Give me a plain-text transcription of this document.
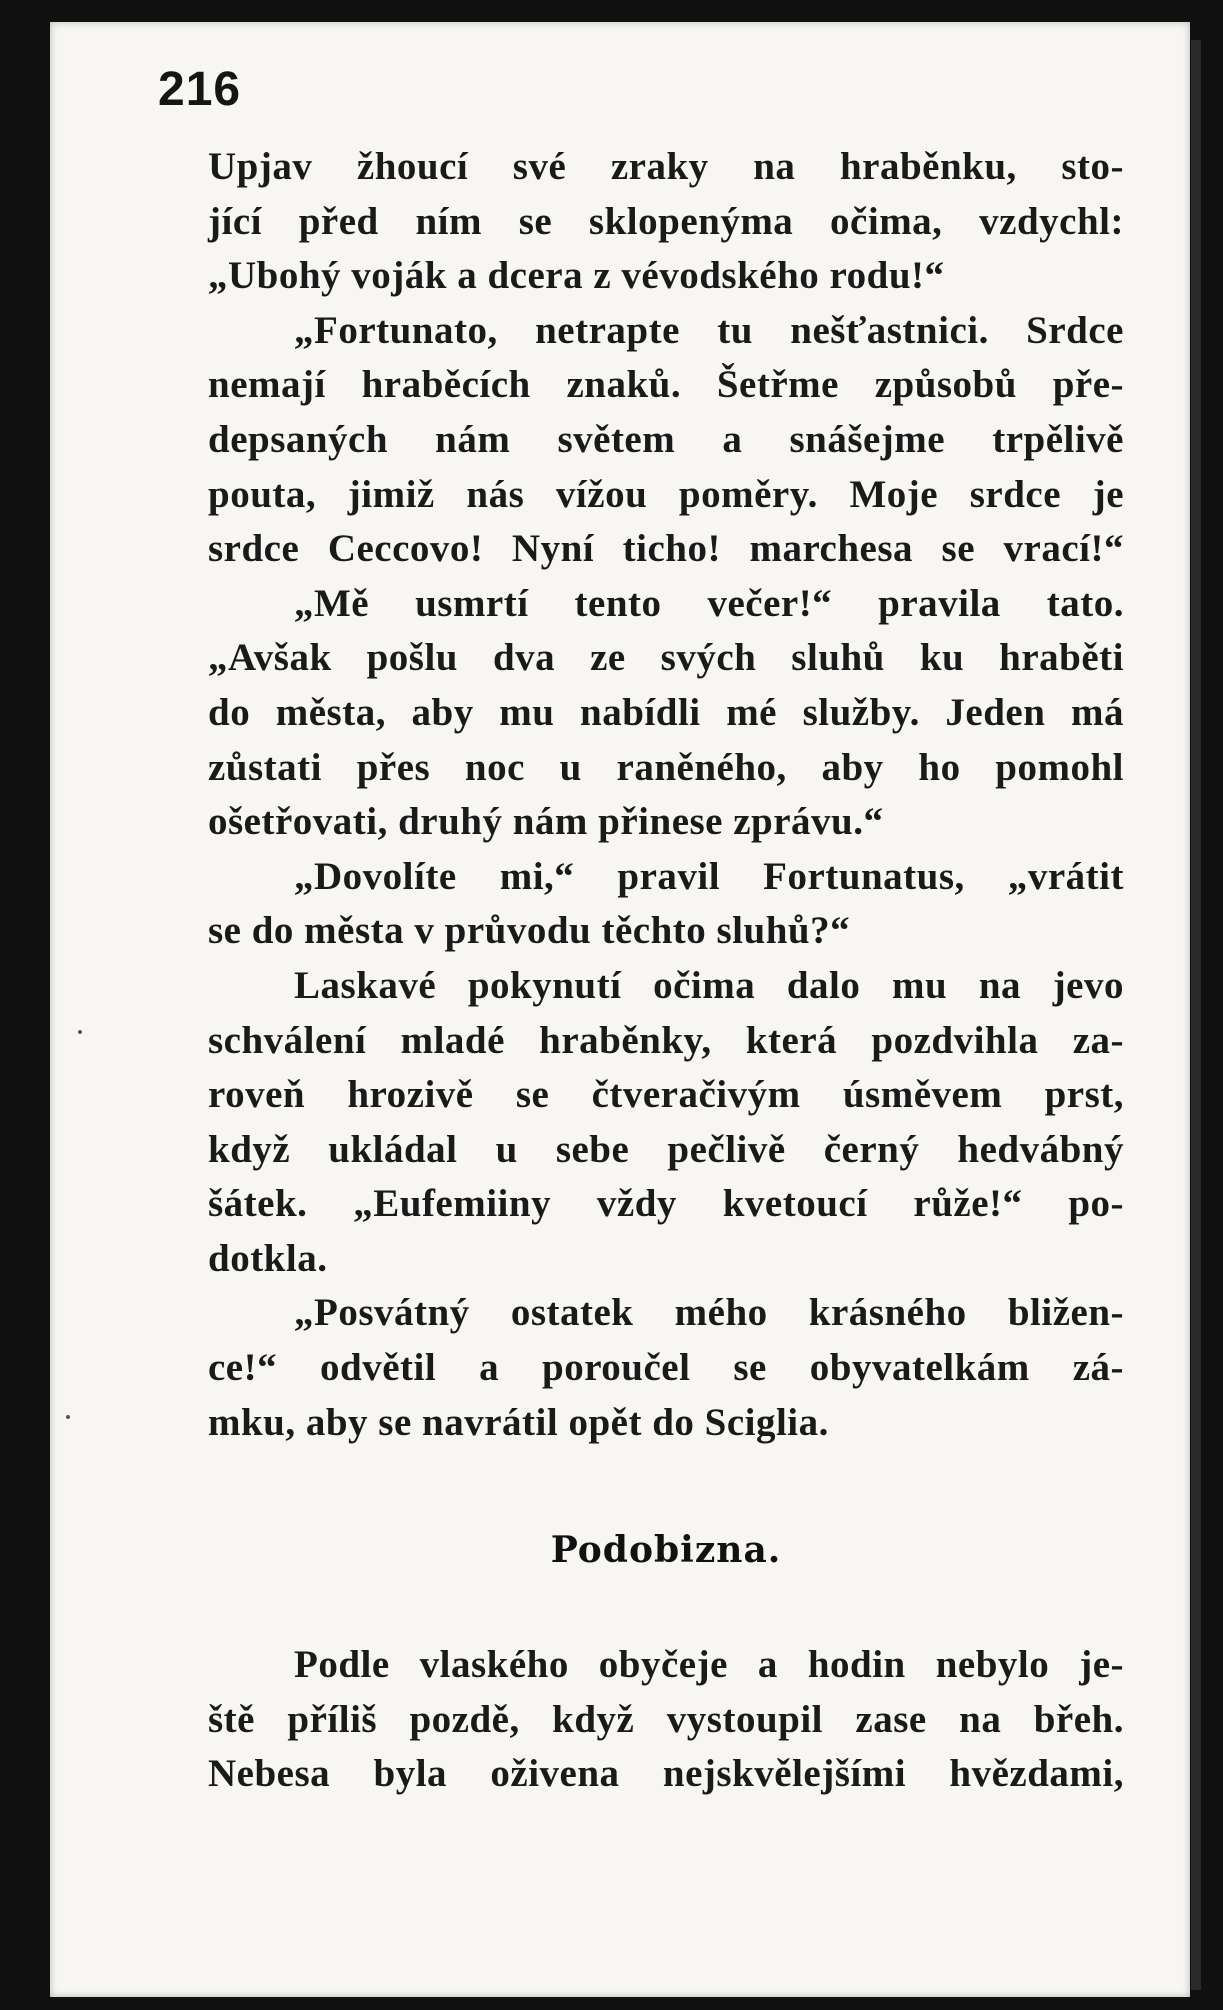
216
Upjav žhoucí své zraky na hraběnku, sto-
jící před ním se sklopenýma očima, vzdychl:
„Ubohý voják a dcera z vévodského rodu!“
„Fortunato, netrapte tu nešťastnici. Srdce
nemají hraběcích znaků. Šetřme způsobů pře-
depsaných nám světem a snášejme trpělivě
pouta, jimiž nás vížou poměry. Moje srdce je
srdce Ceccovo! Nyní ticho! marchesa se vrací!“
„Mě usmrtí tento večer!“ pravila tato.
„Avšak pošlu dva ze svých sluhů ku hraběti
do města, aby mu nabídli mé služby. Jeden má
zůstati přes noc u raněného, aby ho pomohl
ošetřovati, druhý nám přinese zprávu.“
„Dovolíte mi,“ pravil Fortunatus, „vrátit
se do města v průvodu těchto sluhů?“
Laskavé pokynutí očima dalo mu na jevo
schválení mladé hraběnky, která pozdvihla za-
roveň hrozivě se čtveračivým úsměvem prst,
když ukládal u sebe pečlivě černý hedvábný
šátek. „Eufemiiny vždy kvetoucí růže!“ po-
dotkla.
„Posvátný ostatek mého krásného bližen-
ce!“ odvětil a poroučel se obyvatelkám zá-
mku, aby se navrátil opět do Sciglia.
Podobizna.
Podle vlaského obyčeje a hodin nebylo je-
ště příliš pozdě, když vystoupil zase na břeh.
Nebesa byla oživena nejskvělejšími hvězdami,
